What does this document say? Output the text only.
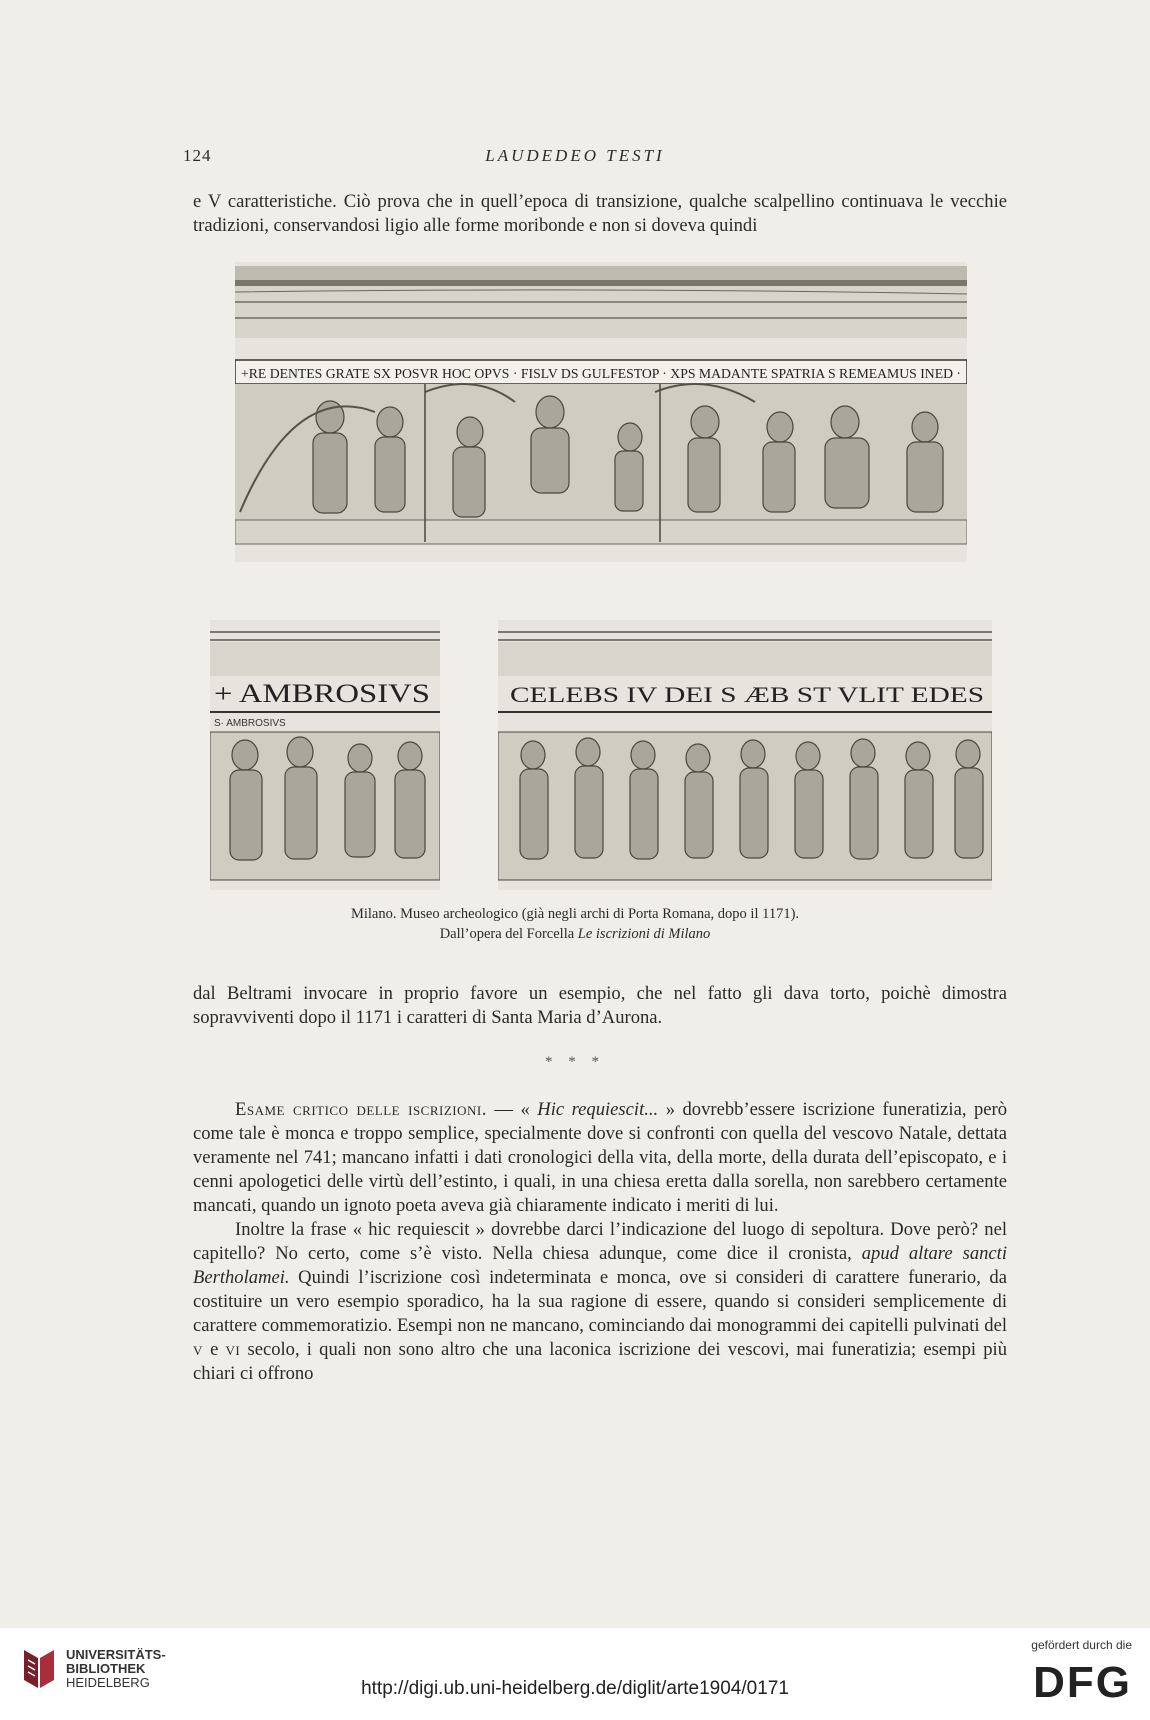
124	LAUDEDEO TESTI

e V caratteristiche. Ciò prova che in quell’epoca di transizione, qualche scalpellino continuava le vecchie tradizioni, conservandosi ligio alle forme moribonde e non si doveva quindi

+RE DENTES GRATE SX POSVR HOC OPVS · FISLV DS GULFESTOP · XPS MADANTE SPATRIA S REMEAMUS INED ·
+ AMBROSIVS
S· AMBROSIVS
CELEBS IV DEI S ÆB ST VLIT EDES
Milano. Museo archeologico (già negli archi di Porta Romana, dopo il 1171).
Dall’opera del Forcella Le iscrizioni di Milano

dal Beltrami invocare in proprio favore un esempio, che nel fatto gli dava torto, poichè dimostra sopravviventi dopo il 1171 i caratteri di Santa Maria d’Aurona.

* * *

Esame critico delle iscrizioni. — « Hic requiescit... » dovrebb’essere iscrizione funeratizia, però come tale è monca e troppo semplice, specialmente dove si confronti con quella del vescovo Natale, dettata veramente nel 741; mancano infatti i dati cronologici della vita, della morte, della durata dell’episcopato, e i cenni apologetici delle virtù dell’estinto, i quali, in una chiesa eretta dalla sorella, non sarebbero certamente mancati, quando un ignoto poeta aveva già chiaramente indicato i meriti di lui.

Inoltre la frase « hic requiescit » dovrebbe darci l’indicazione del luogo di sepoltura. Dove però? nel capitello? No certo, come s’è visto. Nella chiesa adunque, come dice il cronista, apud altare sancti Bertholamei. Quindi l’iscrizione così indeterminata e monca, ove si consideri di carattere funerario, da costituire un vero esempio sporadico, ha la sua ragione di essere, quando si consideri semplicemente di carattere commemoratizio. Esempi non ne mancano, cominciando dai monogrammi dei capitelli pulvinati del v e vi secolo, i quali non sono altro che una laconica iscrizione dei vescovi, mai funeratizia; esempi più chiari ci offrono

UNIVERSITÄTS-
BIBLIOTHEK
HEIDELBERG	http://digi.ub.uni-heidelberg.de/diglit/arte1904/0171
gefördert durch die
DFG
